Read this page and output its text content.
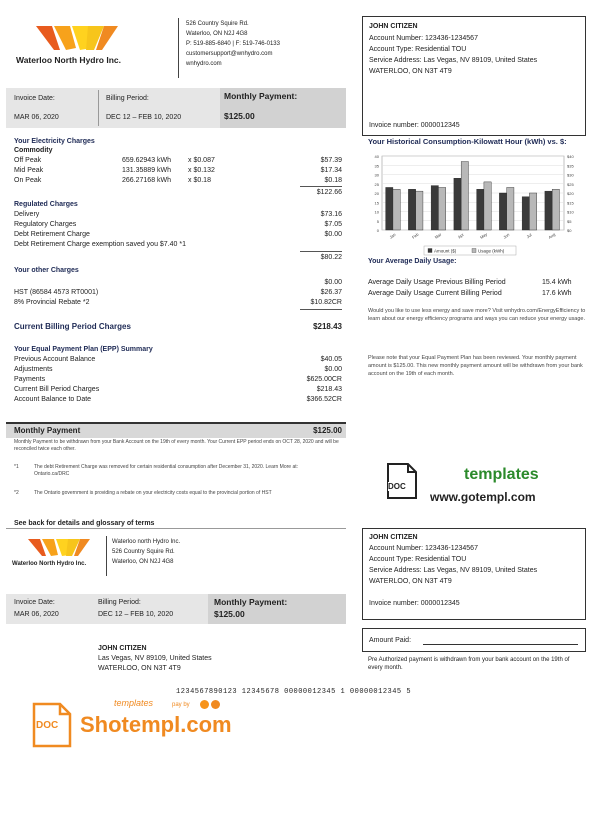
Waterloo North Hydro Inc.
526 Country Squire Rd.
Waterloo, ON N2J 4G8
P: 519-885-6840 | F: 519-746-0133
customersupport@wnhydro.com
wnhydro.com
JOHN CITIZEN
Account Number: 123436-1234567
Account Type: Residential TOU
Service Address: Las Vegas, NV 89109, United States
WATERLOO, ON N3T 4T9
Invoice number: 0000012345
Invoice Date:
MAR 06, 2020
Billing Period:
DEC 12 – FEB 10, 2020
Monthly Payment:
$125.00
Your Electricity Charges
Commodity
Off Peak	659.62943 kWh x $0.087	$57.39
Mid Peak	131.35889 kWh x $0.132	$17.34
On Peak	266.27168 kWh x $0.18	$0.18
$122.66
Regulated Charges
Delivery	$73.16
Regulatory Charges	$7.05
Debt Retirement Charge	$0.00
Debt Retirement Charge exemption saved you $7.40 *1
$80.22
Your other Charges
$0.00
HST (86584 4573 RT0001)	$26.37
8% Provincial Rebate *2	$10.82CR
Current Billing Period Charges	$218.43
Your Equal Payment Plan (EPP) Summary
Previous Account Balance	$40.05
Adjustments	$0.00
Payments	$625.00CR
Current Bill Period Charges	$218.43
Account Balance to Date	$366.52CR
Monthly Payment	$125.00
Monthly Payment to be withdrawn from your Bank Account on the 19th of every month. Your Current EPP period ends on OCT 28, 2020 and will be reconciled twice each other.
*1	The debt Retirement Charge was removed for certain residential consumption after December 31, 2020. Learn More at: Ontario.ca/DRC
*2	The Ontario government is providing a rebate on your electricity costs equal to the provincial portion of HST
See back for details and glossary of terms
Your Historical Consumption-Kilowatt Hour (kWh) vs. $:
40	$40
35	$35
30	$30
25	$25
20	$20
15	$15
10	$10
5	$5
0	$0
Jan	Feb	Mar	Apr	May	Jun	Jul	Aug
Amount ($)	Usage (kWh)
Your Average Daily Usage:
Average Daily Usage Previous Billing Period	15.4 kWh
Average Daily Usage Current Billing Period	17.6 kWh
Would you like to use less energy and save more? Visit wnhydro.com/EnergyEfficiency to learn about our energy efficiency programs and ways you can reduce your energy usage.
Please note that your Equal Payment Plan has been reviewed. Your monthly payment amount is $125.00. This new monthly payment amount will be withdrawn from your bank account on the 19th of each month.
DOC
templates
www.gotempl.com
Waterloo North Hydro Inc.
Waterloo north Hydro Inc.
526 Country Squire Rd.
Waterloo, ON N2J 4G8
Invoice Date:
MAR 06, 2020
Billing Period:
DEC 12 – FEB 10, 2020
Monthly Payment:
$125.00
JOHN CITIZEN
Las Vegas, NV 89109, United States
WATERLOO, ON N3T 4T9
1234567890123 12345678 00000012345 1 00000012345 5
JOHN CITIZEN
Account Number: 123436-1234567
Account Type: Residential TOU
Service Address: Las Vegas, NV 89109, United States
WATERLOO, ON N3T 4T9
Invoice number: 0000012345
Amount Paid:
Pre Authorized payment is withdrawn from your bank account on the 19th of every month.
DOC
templates	pay by
Shotempl.com
